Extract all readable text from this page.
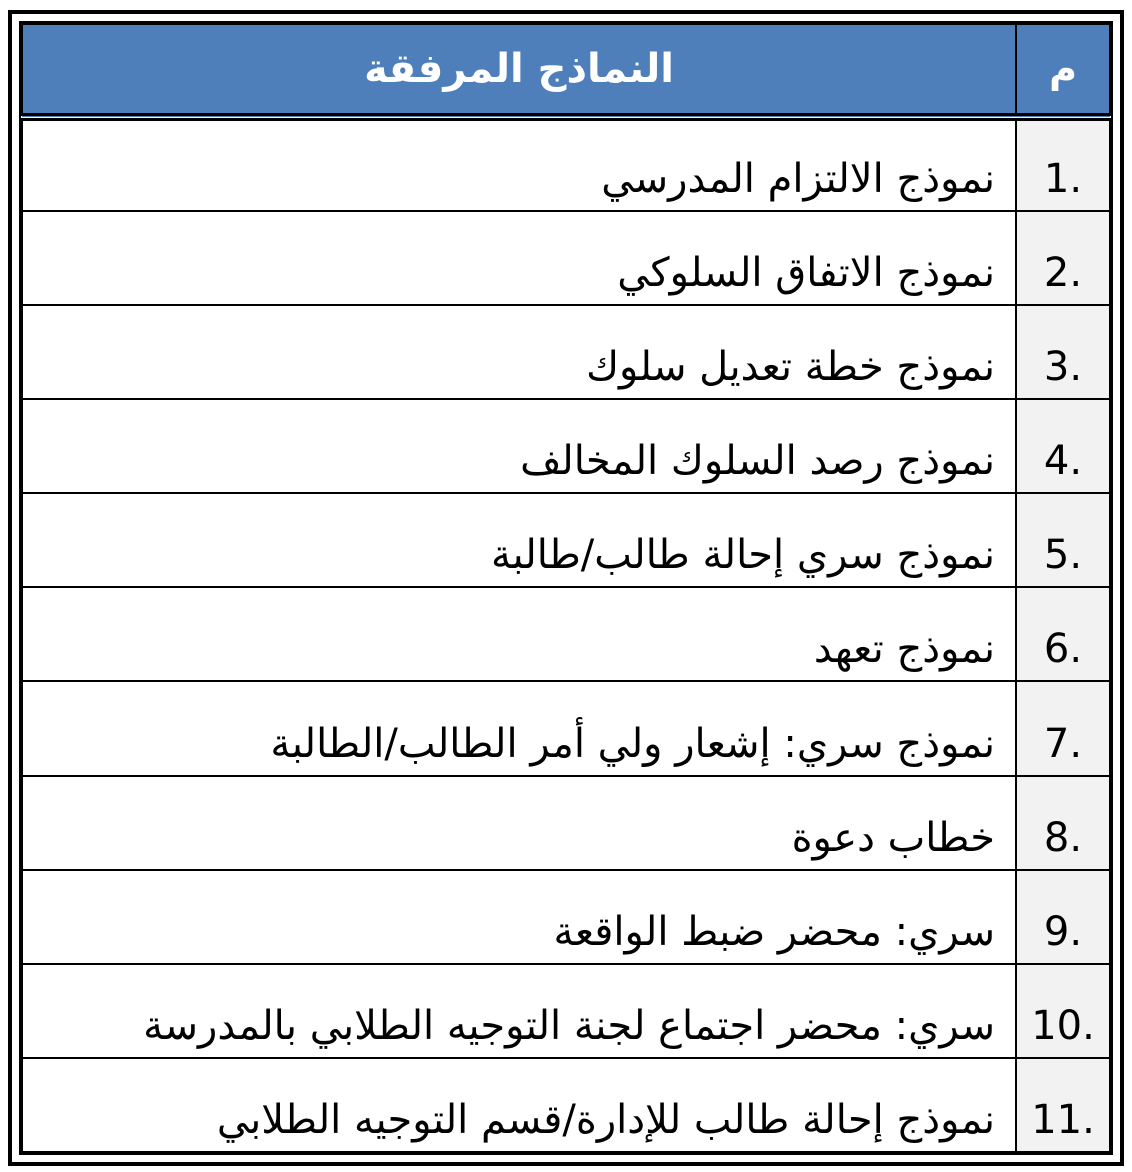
م	النماذج المرفقة
1.	نموذج الالتزام المدرسي
2.	نموذج الاتفاق السلوكي
3.	نموذج خطة تعديل سلوك
4.	نموذج رصد السلوك المخالف
5.	نموذج سري إحالة طالب/طالبة
6.	نموذج تعهد
7.	نموذج سري: إشعار ولي أمر الطالب/الطالبة
8.	خطاب دعوة
9.	سري: محضر ضبط الواقعة
10.	سري: محضر اجتماع لجنة التوجيه الطلابي بالمدرسة
11.	نموذج إحالة طالب للإدارة/قسم التوجيه الطلابي
